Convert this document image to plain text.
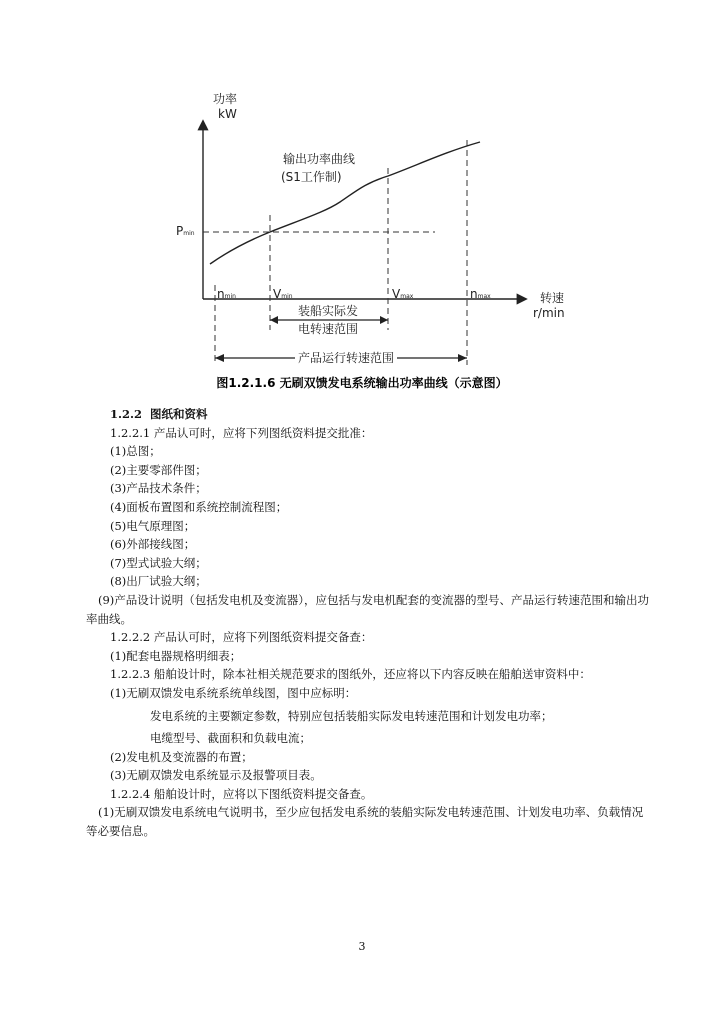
功率
kW
输出功率曲线
(S1工作制)
Pmin
nmin	Vmin	Vmax	nmax	转速
r/min
装船实际发
电转速范围
产品运行转速范围
图1.2.1.6 无刷双馈发电系统输出功率曲线（示意图）

1.2.2 图纸和资料

1.2.2.1 产品认可时，应将下列图纸资料提交批准：

(1)总图；

(2)主要零部件图；

(3)产品技术条件；

(4)面板布置图和系统控制流程图；

(5)电气原理图；

(6)外部接线图；

(7)型式试验大纲；

(8)出厂试验大纲；

(9)产品设计说明（包括发电机及变流器），应包括与发电机配套的变流器的型号、产品运行转速范围和输出功率曲线。

1.2.2.2 产品认可时，应将下列图纸资料提交备查：

(1)配套电器规格明细表；

1.2.2.3 船舶设计时，除本社相关规范要求的图纸外，还应将以下内容反映在船舶送审资料中：

(1)无刷双馈发电系统系统单线图，图中应标明：

发电系统的主要额定参数，特别应包括装船实际发电转速范围和计划发电功率；

电缆型号、截面积和负载电流；

(2)发电机及变流器的布置；

(3)无刷双馈发电系统显示及报警项目表。

1.2.2.4 船舶设计时，应将以下图纸资料提交备查。

(1)无刷双馈发电系统电气说明书，至少应包括发电系统的装船实际发电转速范围、计划发电功率、负载情况等必要信息。

3
